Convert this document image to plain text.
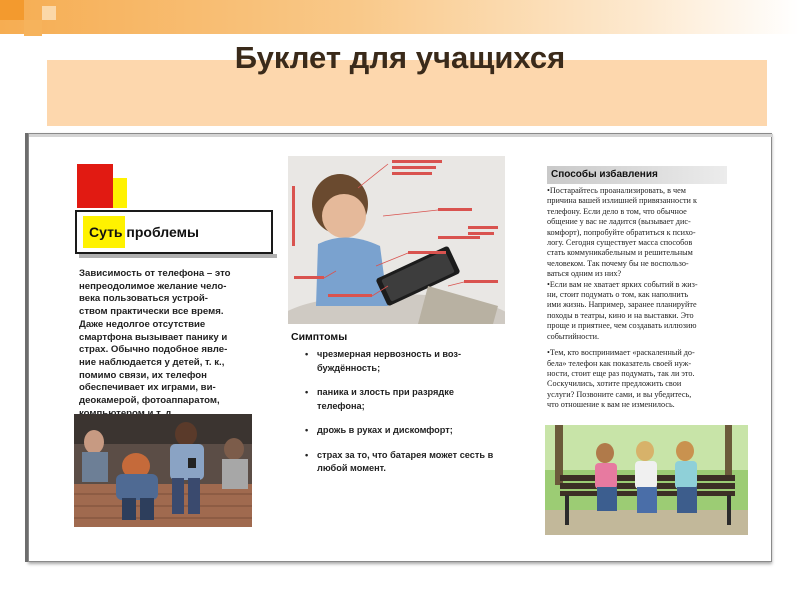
Буклет для учащихся
Суть проблемы
Зависимость от телефона – это
непреодолимое желание чело-
века пользоваться устрой-
ством практически все время.
Даже недолгое отсутствие
смартфона вызывает панику и
страх. Обычно подобное явле-
ние наблюдается у детей, т. к.,
помимо связи, их телефон
обеспечивает их играми, ви-
деокамерой, фотоаппаратом,
Симптомы
• чрезмерная нервозность и воз-буждённость;
• паника и злость при разрядке телефона;
• дрожь в руках и дискомфорт;
• страх за то, что батарея может сесть в любой момент.
Способы избавления

•Постарайтесь проанализировать, в чем
причина вашей излишней привязанности к
телефону. Если дело в том, что обычное
общение у вас не ладится (вызывает дис-
комфорт), попробуйте обратиться к психо-
логу. Сегодня существует масса способов
стать коммуникабельным и решительным
человеком. Так почему бы не воспользо-
ваться одним из них?
•Если вам не хватает ярких событий в жиз-
ни, стоит подумать о том, как наполнить
ими жизнь. Например, заранее планируйте
походы в театры, кино и на выставки. Это
проще и приятнее, чем создавать иллюзию
событийности.

•Тем, кто воспринимает «раскаленный до-
бела» телефон как показатель своей нуж-
ности, стоит еще раз подумать, так ли это.
Соскучились, хотите предложить свои
услуги? Позвоните сами, и вы убедитесь,
что отношение к вам не изменилось.
